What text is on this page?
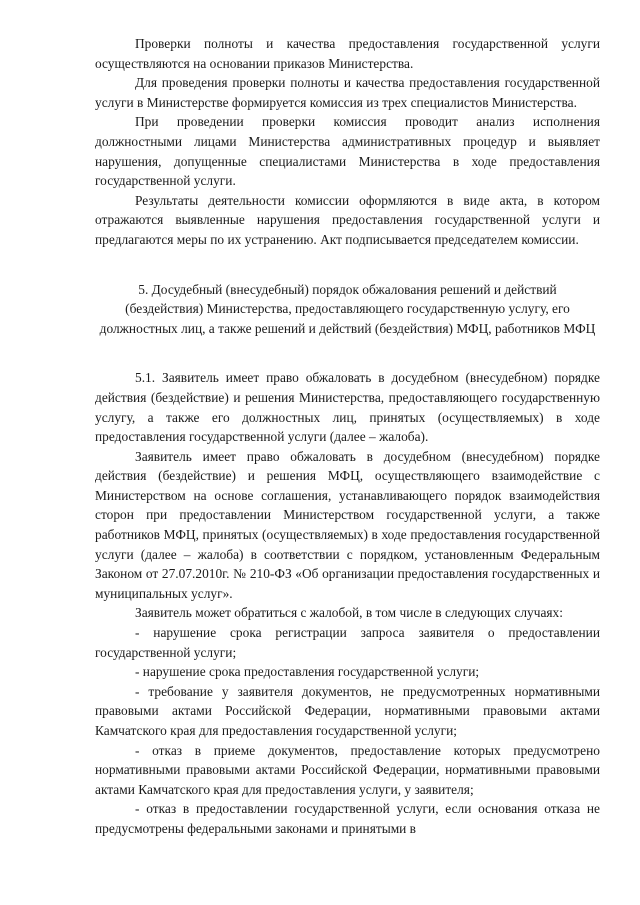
Проверки полноты и качества предоставления государственной услуги осуществляются на основании приказов Министерства.

Для проведения проверки полноты и качества предоставления государственной услуги в Министерстве формируется комиссия из трех специалистов Министерства.

При проведении проверки комиссия проводит анализ исполнения должностными лицами Министерства административных процедур и выявляет нарушения, допущенные специалистами Министерства в ходе предоставления государственной услуги.

Результаты деятельности комиссии оформляются в виде акта, в котором отражаются выявленные нарушения предоставления государственной услуги и предлагаются меры по их устранению. Акт подписывается председателем комиссии.

5. Досудебный (внесудебный) порядок обжалования решений и действий (бездействия) Министерства, предоставляющего государственную услугу, его должностных лиц, а также решений и действий (бездействия) МФЦ, работников МФЦ

5.1. Заявитель имеет право обжаловать в досудебном (внесудебном) порядке действия (бездействие) и решения Министерства, предоставляющего государственную услугу, а также его должностных лиц, принятых (осуществляемых) в ходе предоставления государственной услуги (далее – жалоба).

Заявитель имеет право обжаловать в досудебном (внесудебном) порядке действия (бездействие) и решения МФЦ, осуществляющего взаимодействие с Министерством на основе соглашения, устанавливающего порядок взаимодействия сторон при предоставлении Министерством государственной услуги, а также работников МФЦ, принятых (осуществляемых) в ходе предоставления государственной услуги (далее – жалоба) в соответствии с порядком, установленным Федеральным Законом от 27.07.2010г. № 210-ФЗ «Об организации предоставления государственных и муниципальных услуг».

Заявитель может обратиться с жалобой, в том числе в следующих случаях:

- нарушение срока регистрации запроса заявителя о предоставлении государственной услуги;

- нарушение срока предоставления государственной услуги;

- требование у заявителя документов, не предусмотренных нормативными правовыми актами Российской Федерации, нормативными правовыми актами Камчатского края для предоставления государственной услуги;

- отказ в приеме документов, предоставление которых предусмотрено нормативными правовыми актами Российской Федерации, нормативными правовыми актами Камчатского края для предоставления услуги, у заявителя;

- отказ в предоставлении государственной услуги, если основания отказа не предусмотрены федеральными законами и принятыми в
